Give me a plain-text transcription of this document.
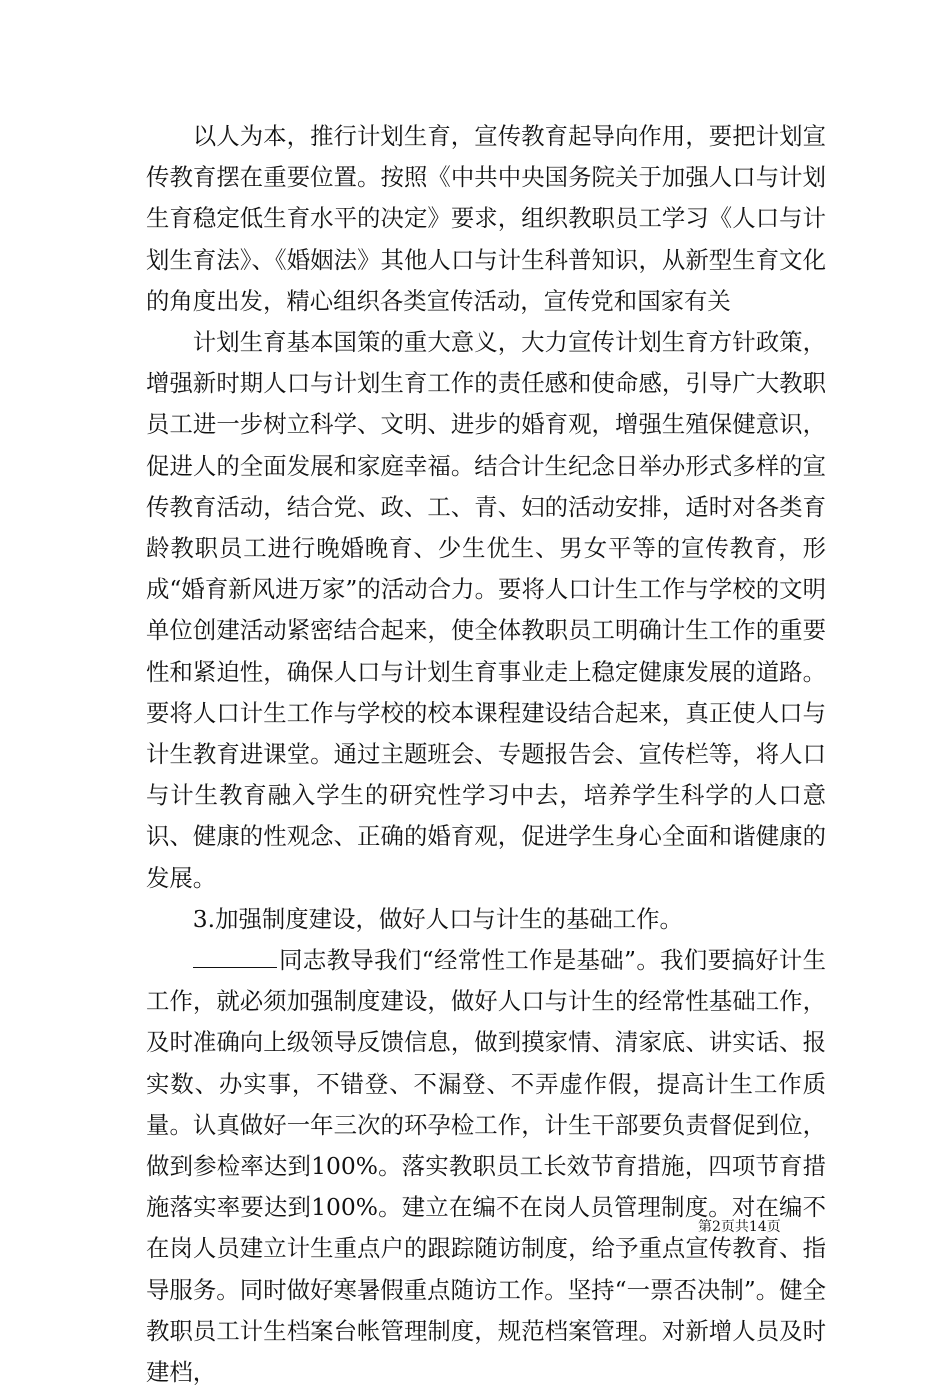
以人为本，推行计划生育，宣传教育起导向作用，要把计划宣传教育摆在重要位置。按照《中共中央国务院关于加强人口与计划生育稳定低生育水平的决定》要求，组织教职员工学习《人口与计划生育法》、《婚姻法》其他人口与计生科普知识，从新型生育文化的角度出发，精心组织各类宣传活动，宣传党和国家有关

计划生育基本国策的重大意义，大力宣传计划生育方针政策，增强新时期人口与计划生育工作的责任感和使命感，引导广大教职员工进一步树立科学、文明、进步的婚育观，增强生殖保健意识，促进人的全面发展和家庭幸福。结合计生纪念日举办形式多样的宣传教育活动，结合党、政、工、青、妇的活动安排，适时对各类育龄教职员工进行晚婚晚育、少生优生、男女平等的宣传教育，形成“婚育新风进万家”的活动合力。要将人口计生工作与学校的文明单位创建活动紧密结合起来，使全体教职员工明确计生工作的重要性和紧迫性，确保人口与计划生育事业走上稳定健康发展的道路。要将人口计生工作与学校的校本课程建设结合起来，真正使人口与计生教育进课堂。通过主题班会、专题报告会、宣传栏等，将人口与计生教育融入学生的研究性学习中去，培养学生科学的人口意识、健康的性观念、正确的婚育观，促进学生身心全面和谐健康的发展。

3.加强制度建设，做好人口与计生的基础工作。

同志教导我们“经常性工作是基础”。我们要搞好计生工作，就必须加强制度建设，做好人口与计生的经常性基础工作，及时准确向上级领导反馈信息，做到摸家情、清家底、讲实话、报实数、办实事，不错登、不漏登、不弄虚作假，提高计生工作质量。认真做好一年三次的环孕检工作，计生干部要负责督促到位，做到参检率达到100%。落实教职员工长效节育措施，四项节育措施落实率要达到100%。建立在编不在岗人员管理制度。对在编不在岗人员建立计生重点户的跟踪随访制度，给予重点宣传教育、指导服务。同时做好寒暑假重点随访工作。坚持“一票否决制”。健全教职员工计生档案台帐管理制度，规范档案管理。对新增人员及时建档，

第2页共14页
